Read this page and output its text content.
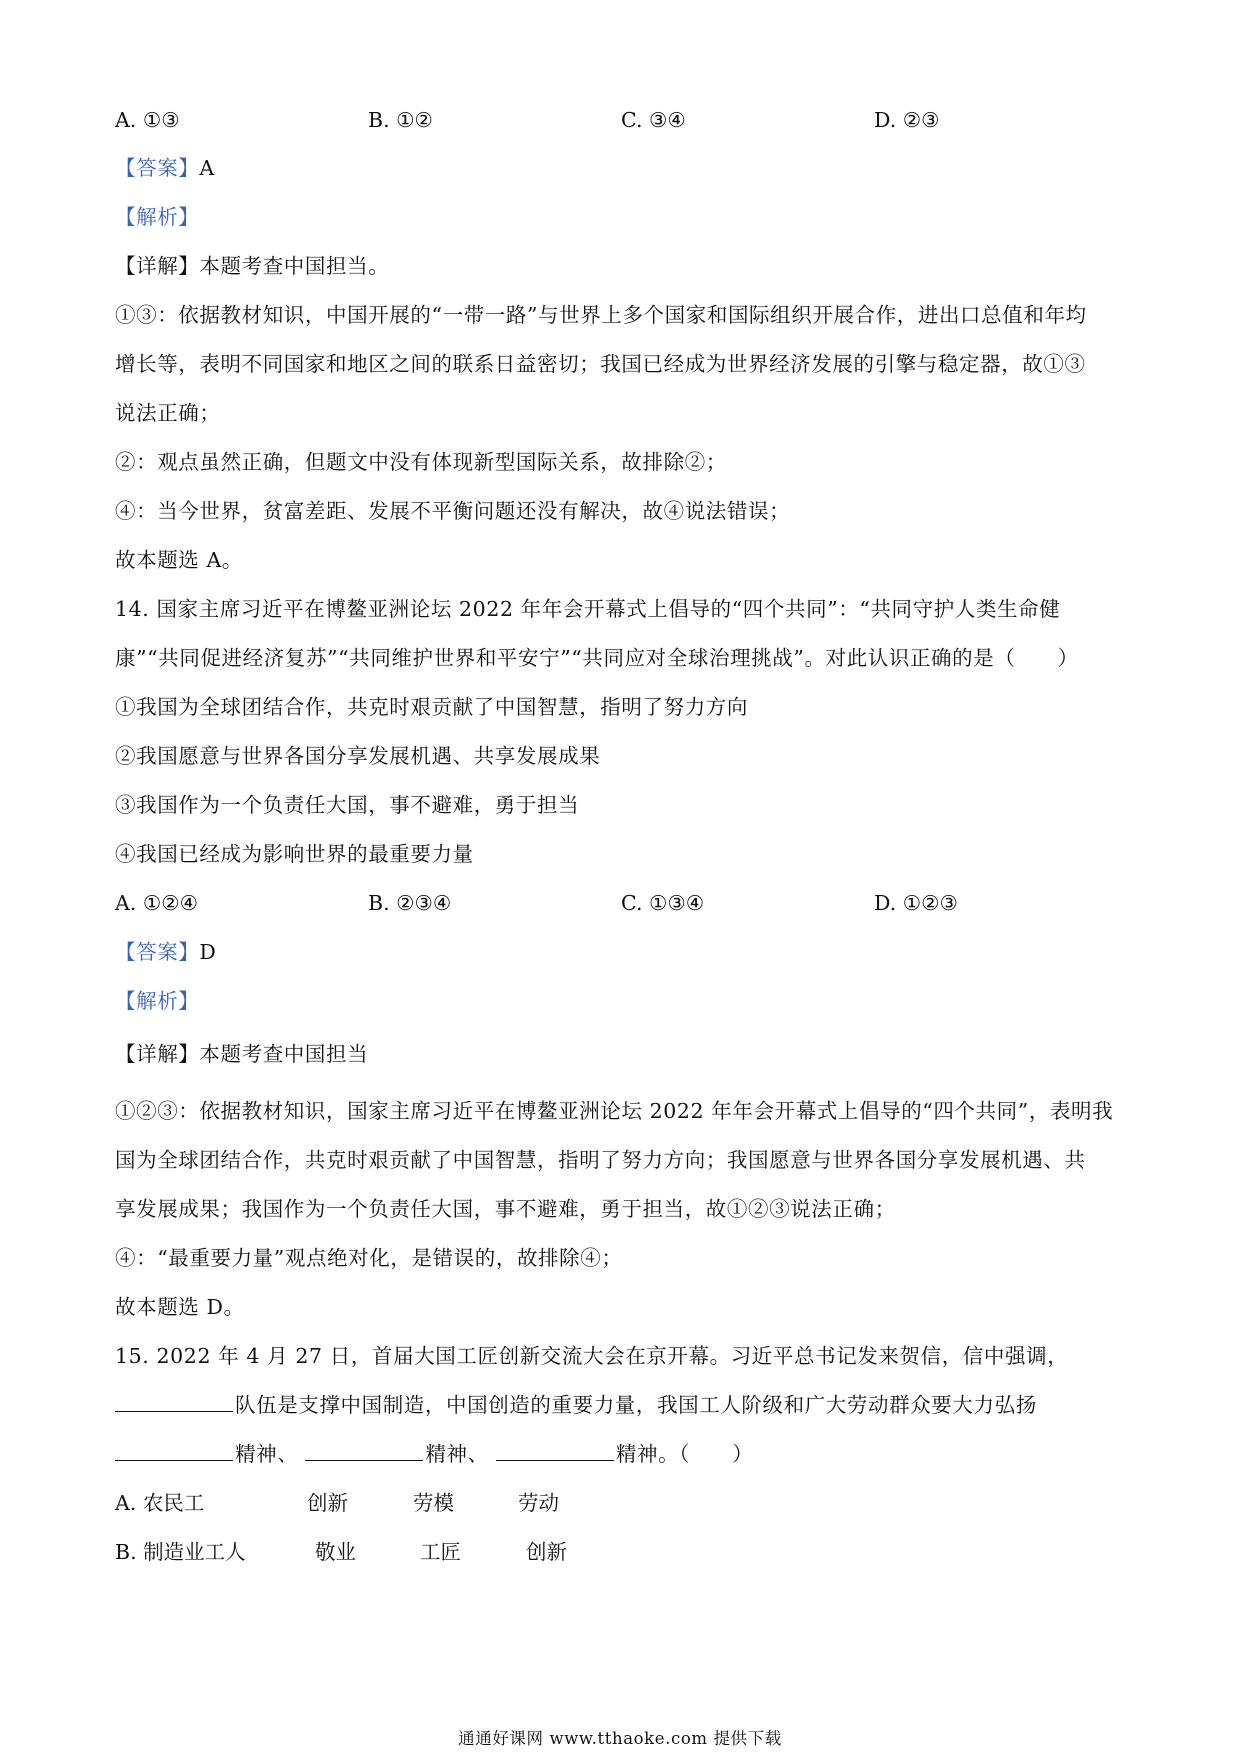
A. ①③	B. ①②	C. ③④	D. ②③
【答案】A
【解析】
【详解】本题考查中国担当。
①③：依据教材知识，中国开展的“一带一路”与世界上多个国家和国际组织开展合作，进出口总值和年均
增长等，表明不同国家和地区之间的联系日益密切；我国已经成为世界经济发展的引擎与稳定器，故①③
说法正确；
②：观点虽然正确，但题文中没有体现新型国际关系，故排除②；
④：当今世界，贫富差距、发展不平衡问题还没有解决，故④说法错误；
故本题选 A。
14. 国家主席习近平在博鳌亚洲论坛 2022 年年会开幕式上倡导的“四个共同”：“共同守护人类生命健
康”“共同促进经济复苏”“共同维护世界和平安宁”“共同应对全球治理挑战”。对此认识正确的是（　　）
①我国为全球团结合作，共克时艰贡献了中国智慧，指明了努力方向
②我国愿意与世界各国分享发展机遇、共享发展成果
③我国作为一个负责任大国，事不避难，勇于担当
④我国已经成为影响世界的最重要力量
A. ①②④	B. ②③④	C. ①③④	D. ①②③
【答案】D
【解析】
【详解】本题考查中国担当
①②③：依据教材知识，国家主席习近平在博鳌亚洲论坛 2022 年年会开幕式上倡导的“四个共同”，表明我
国为全球团结合作，共克时艰贡献了中国智慧，指明了努力方向；我国愿意与世界各国分享发展机遇、共
享发展成果；我国作为一个负责任大国，事不避难，勇于担当，故①②③说法正确；
④：“最重要力量”观点绝对化，是错误的，故排除④；
故本题选 D。
15. 2022 年 4 月 27 日，首届大国工匠创新交流大会在京开幕。习近平总书记发来贺信，信中强调，
队伍是支撑中国制造，中国创造的重要力量，我国工人阶级和广大劳动群众要大力弘扬
精神、	精神、	精神。（　　）
A. 农民工	创新	劳模	劳动
B. 制造业工人	敬业	工匠	创新
通通好课网 www.tthaoke.com 提供下载
